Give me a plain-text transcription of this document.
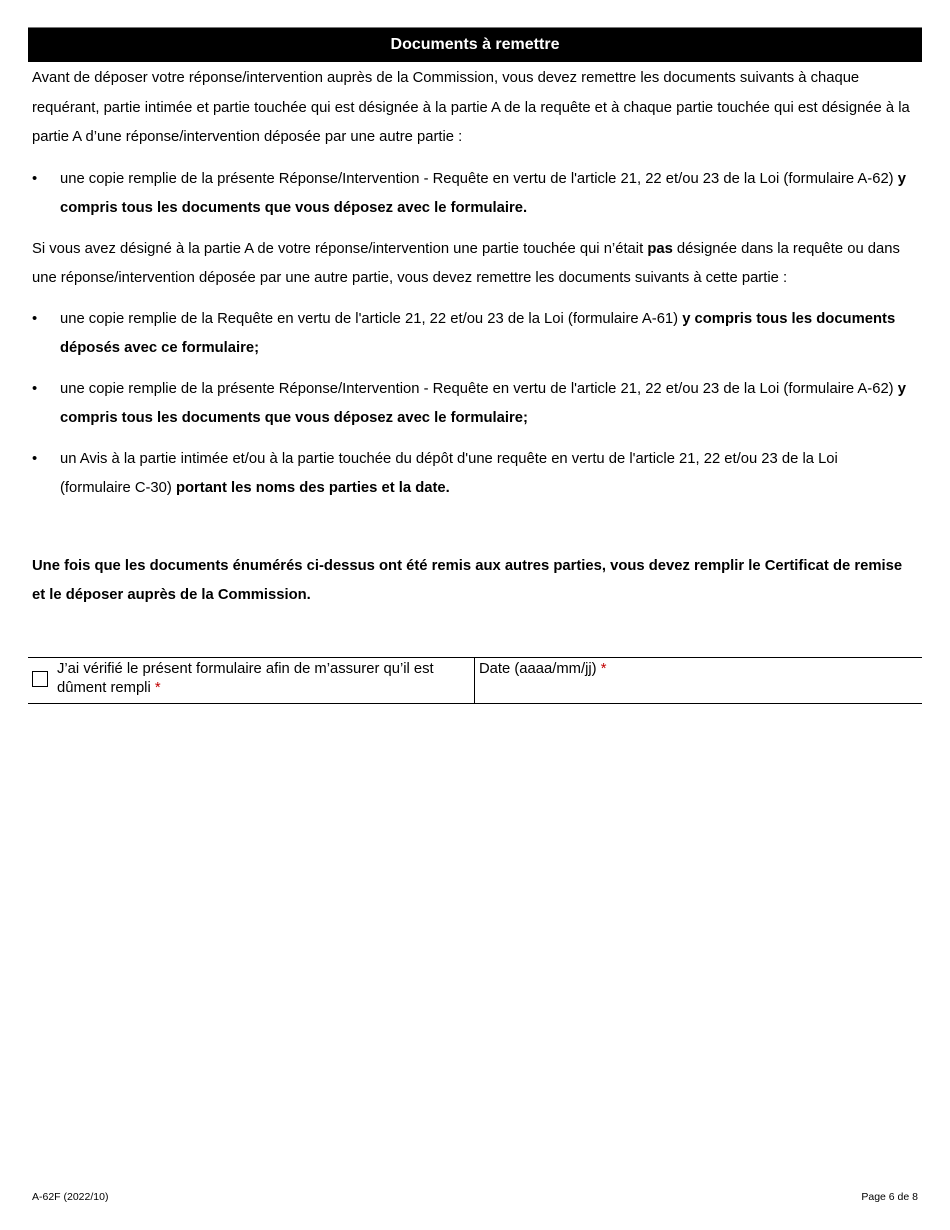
Documents à remettre

Avant de déposer votre réponse/intervention auprès de la Commission, vous devez remettre les documents suivants à chaque requérant, partie intimée et partie touchée qui est désignée à la partie A de la requête et à chaque partie touchée qui est désignée à la partie A d’une réponse/intervention déposée par une autre partie :

• une copie remplie de la présente Réponse/Intervention - Requête en vertu de l'article 21, 22 et/ou 23 de la Loi (formulaire A-62) y compris tous les documents que vous déposez avec le formulaire.

Si vous avez désigné à la partie A de votre réponse/intervention une partie touchée qui n’était pas désignée dans la requête ou dans une réponse/intervention déposée par une autre partie, vous devez remettre les documents suivants à cette partie :

• une copie remplie de la Requête en vertu de l'article 21, 22 et/ou 23 de la Loi (formulaire A-61) y compris tous les documents déposés avec ce formulaire;
• une copie remplie de la présente Réponse/Intervention - Requête en vertu de l'article 21, 22 et/ou 23 de la Loi (formulaire A-62) y compris tous les documents que vous déposez avec le formulaire;
• un Avis à la partie intimée et/ou à la partie touchée du dépôt d'une requête en vertu de l'article 21, 22 et/ou 23 de la Loi (formulaire C-30) portant les noms des parties et la date.

Une fois que les documents énumérés ci-dessus ont été remis aux autres parties, vous devez remplir le Certificat de remise et le déposer auprès de la Commission.

J’ai vérifié le présent formulaire afin de m’assurer qu’il est dûment rempli *
Date (aaaa/mm/jj) *
A-62F (2022/10)	Page 6 de 8
